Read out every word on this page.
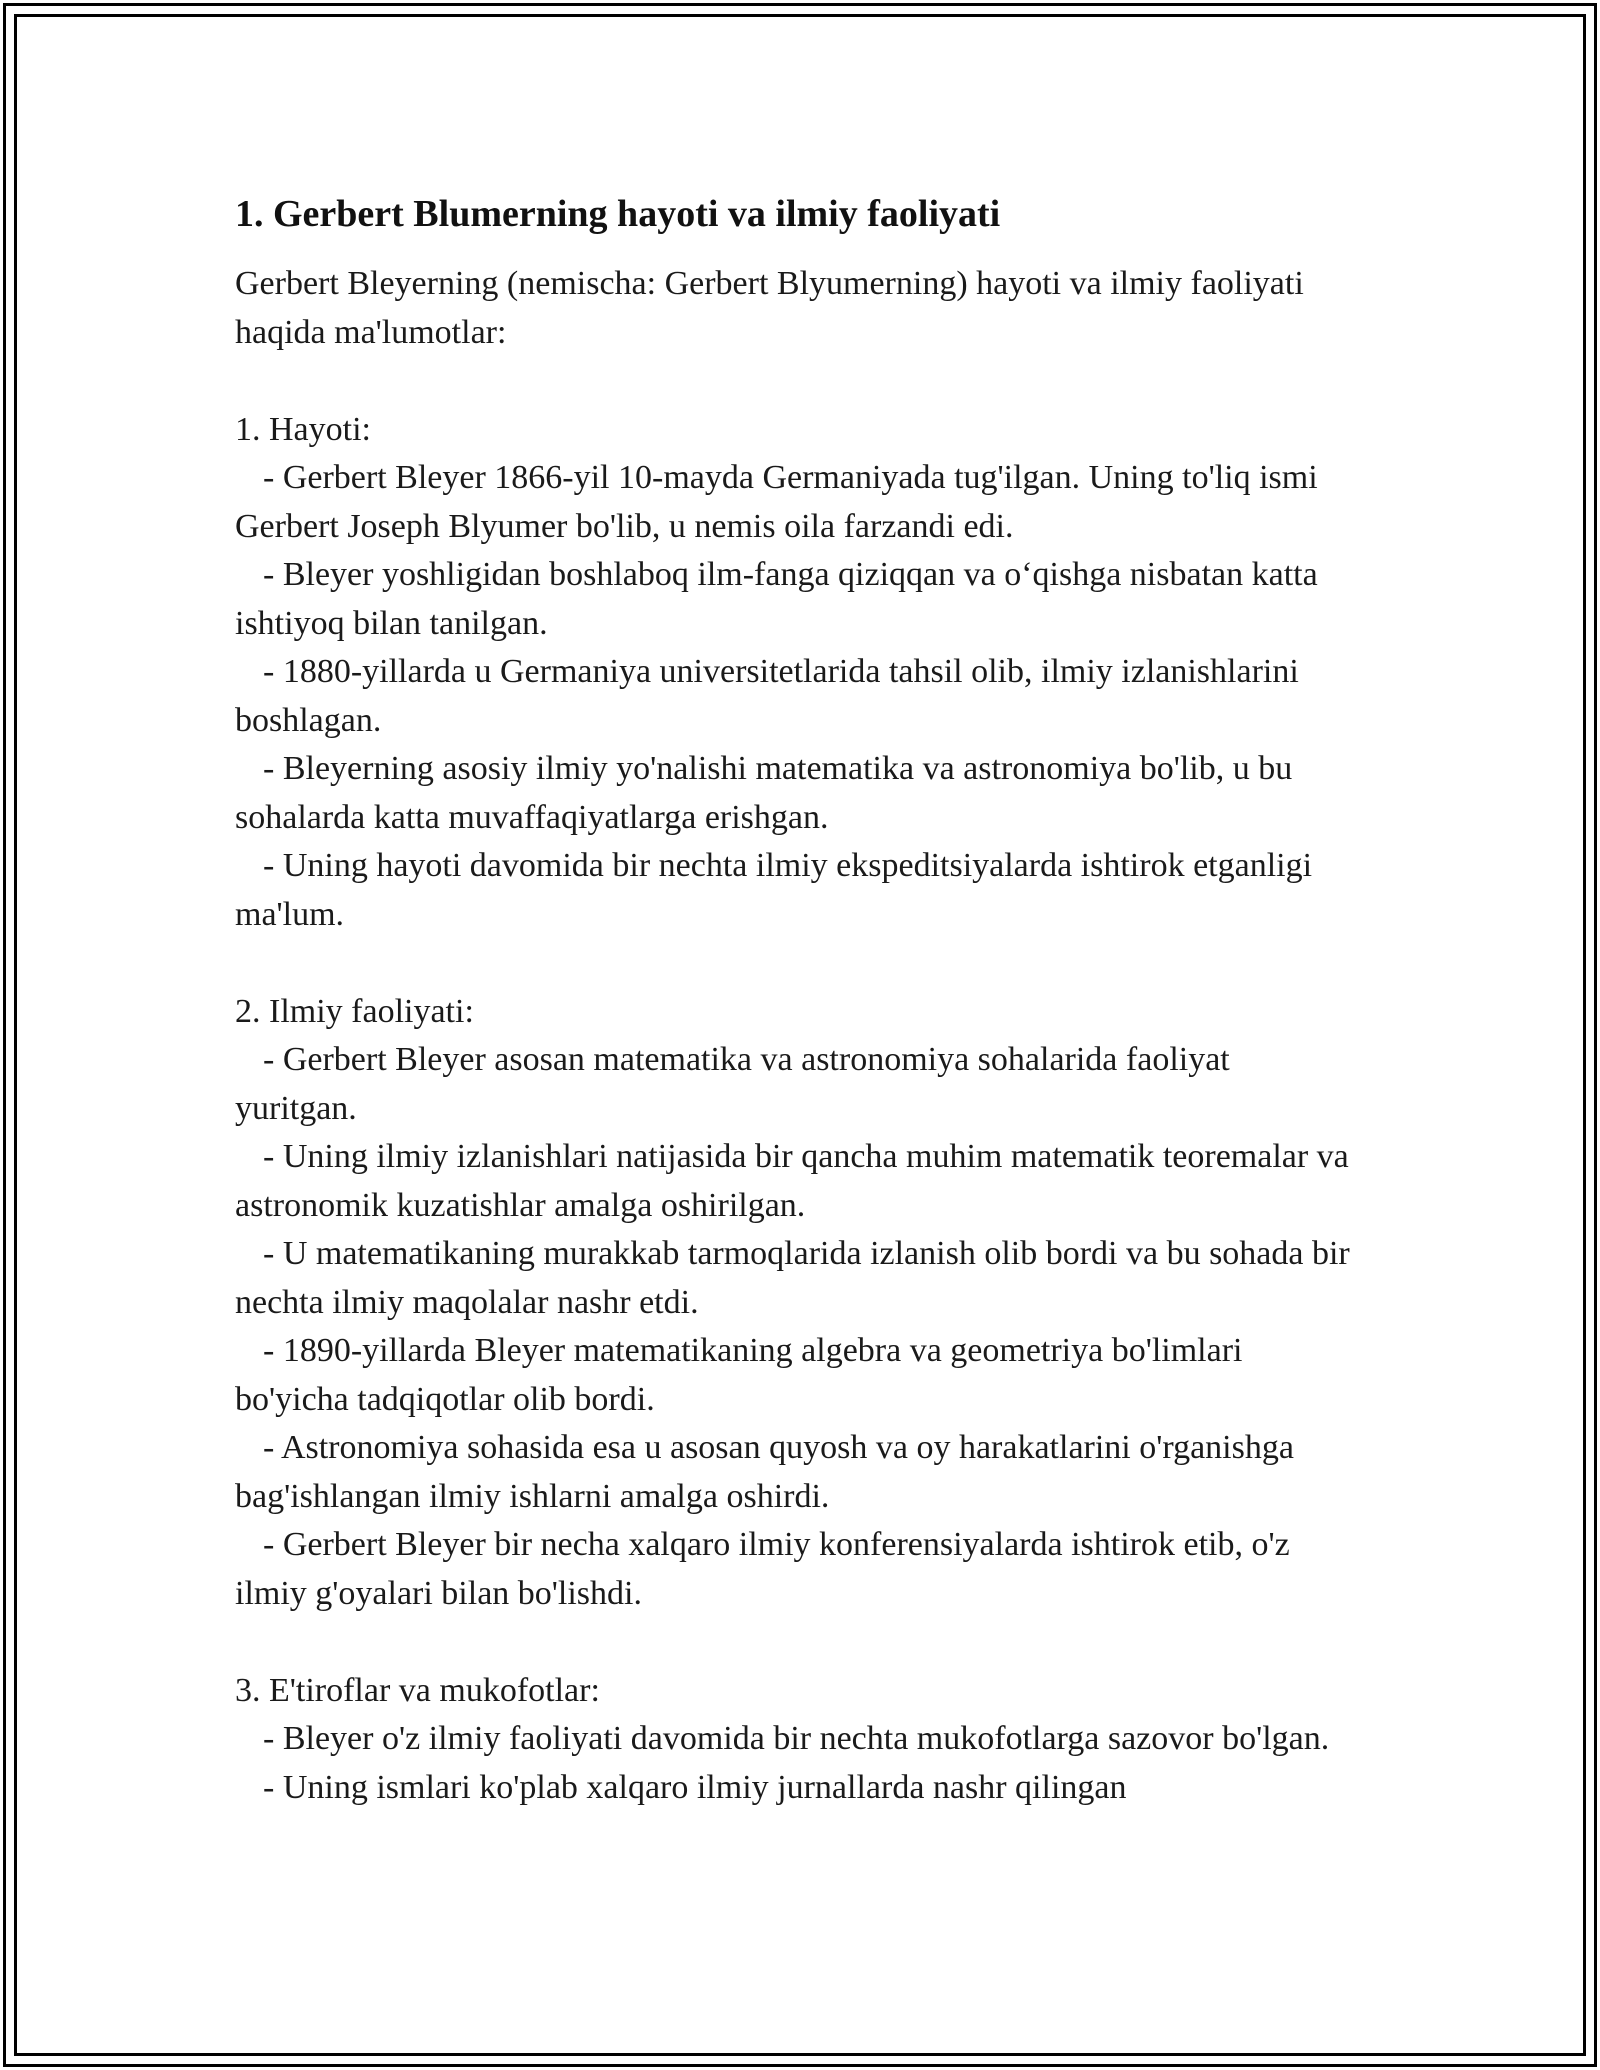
1. Gerbert Blumerning hayoti va ilmiy faoliyati

Gerbert Bleyerning (nemischa: Gerbert Blyumerning) hayoti va ilmiy faoliyati haqida ma'lumotlar:

1. Hayoti:

- Gerbert Bleyer 1866-yil 10-mayda Germaniyada tug'ilgan. Uning to'liq ismi Gerbert Joseph Blyumer bo'lib, u nemis oila farzandi edi.

- Bleyer yoshligidan boshlaboq ilm-fanga qiziqqan va o‘qishga nisbatan katta ishtiyoq bilan tanilgan.

- 1880-yillarda u Germaniya universitetlarida tahsil olib, ilmiy izlanishlarini boshlagan.

- Bleyerning asosiy ilmiy yo'nalishi matematika va astronomiya bo'lib, u bu sohalarda katta muvaffaqiyatlarga erishgan.

- Uning hayoti davomida bir nechta ilmiy ekspeditsiyalarda ishtirok etganligi ma'lum.

2. Ilmiy faoliyati:

- Gerbert Bleyer asosan matematika va astronomiya sohalarida faoliyat yuritgan.

- Uning ilmiy izlanishlari natijasida bir qancha muhim matematik teoremalar va astronomik kuzatishlar amalga oshirilgan.

- U matematikaning murakkab tarmoqlarida izlanish olib bordi va bu sohada bir nechta ilmiy maqolalar nashr etdi.

- 1890-yillarda Bleyer matematikaning algebra va geometriya bo'limlari bo'yicha tadqiqotlar olib bordi.

- Astronomiya sohasida esa u asosan quyosh va oy harakatlarini o'rganishga bag'ishlangan ilmiy ishlarni amalga oshirdi.

- Gerbert Bleyer bir necha xalqaro ilmiy konferensiyalarda ishtirok etib, o'z ilmiy g'oyalari bilan bo'lishdi.

3. E'tiroflar va mukofotlar:

- Bleyer o'z ilmiy faoliyati davomida bir nechta mukofotlarga sazovor bo'lgan.

- Uning ismlari ko'plab xalqaro ilmiy jurnallarda nashr qilingan
